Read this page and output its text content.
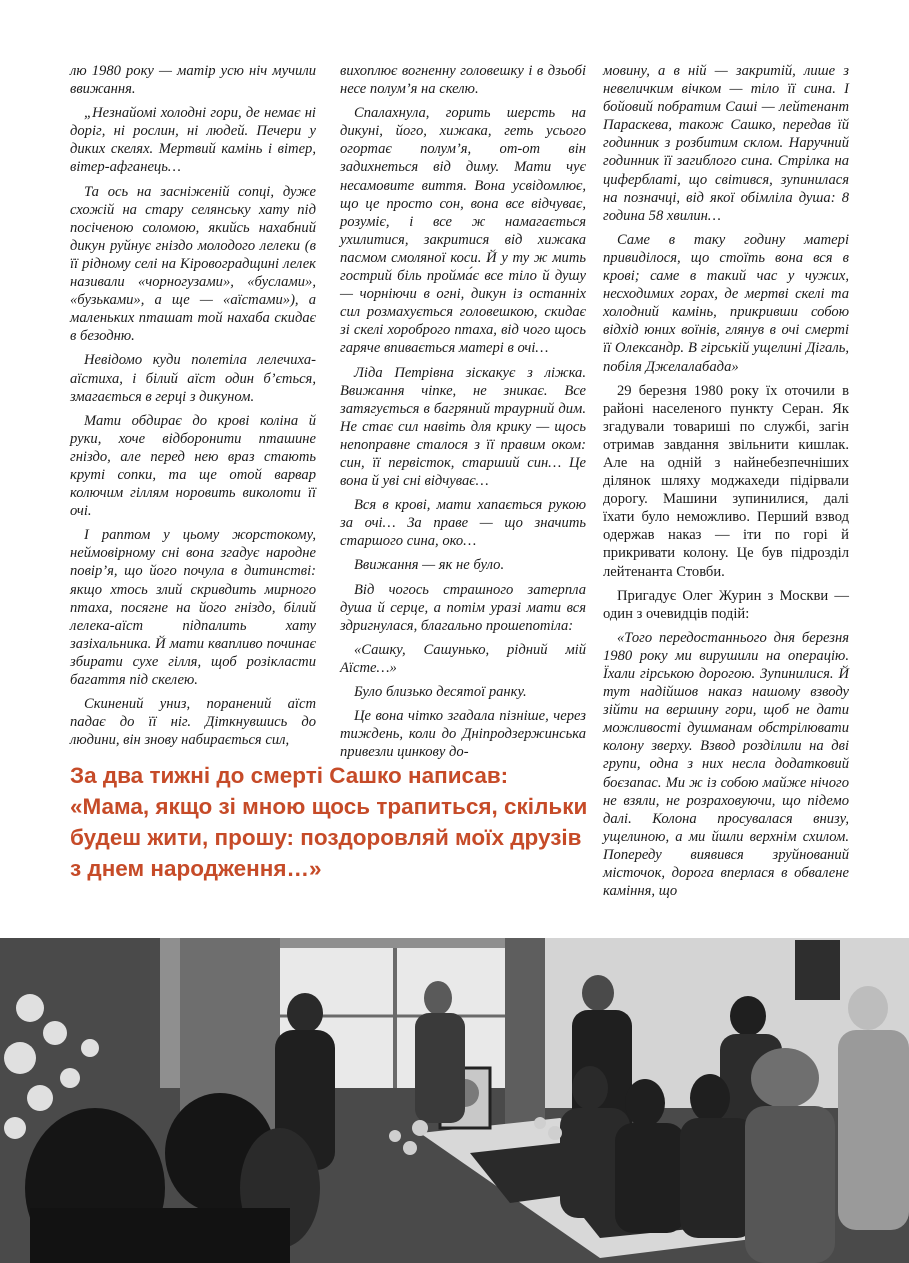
лю 1980 року — матір усю ніч мучили ввижання.

„Незнайомі холодні гори, де немає ні доріг, ні рослин, ні людей. Печери у диких скелях. Мертвий камінь і вітер, вітер-афганець…

Та ось на засніженій сопці, дуже схожій на стару селянську хату під посіченою соломою, якийсь нахабний дикун руйнує гніздо молодого лелеки (в її рідному селі на Кіровоградщині лелек називали «чорногузами», «буслами», «бузьками», а ще — «аїстами»), а маленьких пташат той нахаба скидає в безодню.

Невідомо куди полетіла лелечиха-аїстиха, і білий аїст один б’ється, змагається в герці з дикуном.

Мати обдирає до крові коліна й руки, хоче відборонити пташине гніздо, але перед нею враз стають круті сопки, та ще отой варвар колючим гіллям норовить виколоти її очі.

І раптом у цьому жорстокому, неймовірному сні вона згадує народне повір’я, що його почула в дитинстві: якщо хтось злий скривдить мирного птаха, посягне на його гніздо, білий лелека-аїст підпалить хату зазіхальника. Й мати квапливо починає збирати сухе гілля, щоб розікласти багаття під скелею.

Скинений униз, поранений аїст падає до її ніг. Діткнувшись до людини, він знову набирається сил,

вихоплює вогненну головешку і в дзьобі несе полум’я на скелю.

Спалахнула, горить шерсть на дикуні, його, хижака, геть усього огортає полум’я, от-от він задихнеться від диму. Мати чує несамовите виття. Вона усвідомлює, що це просто сон, вона все відчуває, розуміє, і все ж намагається ухилитися, закритися від хижака пасмом смоляної коси. Й у ту ж мить гострий біль пройма́є все тіло й душу — чорніючи в огні, дикун із останніх сил розмахується головешкою, скидає зі скелі хороброго птаха, від чого щось гаряче впивається матері в очі…

Ліда Петрівна зіскакує з ліжка. Ввижання чіпке, не зникає. Все затягується в багряний траурний дим. Не стає сил навіть для крику — щось непоправне сталося з її правим оком: син, її первісток, старший син… Це вона й уві сні відчуває…

Вся в крові, мати хапається рукою за очі… За праве — що значить старшого сина, око…

Ввижання — як не було.

Від чогось страшного затерпла душа й серце, а потім уразі мати вся здригнулася, благально прошепотіла:

«Сашку, Сашунько, рідний мій Аїсте…»

Було близько десятої ранку.

Це вона чітко згадала пізніше, через тиждень, коли до Дніпродзержинська привезли цинкову до-

мовину, а в ній — закритій, лише з невеличким вічком — тіло її сина. І бойовий побратим Саші — лейтенант Параскева, також Сашко, передав їй годинник з розбитим склом. Наручний годинник її загиблого сина. Стрілка на циферблаті, що світився, зупинилася на позначці, від якої обімліла душа: 8 година 58 хвилин…

Саме в таку годину матері привиділося, що стоїть вона вся в крові; саме в такий час у чужих, несходимих горах, де мертві скелі та холодний камінь, прикривши собою відхід юних воїнів, глянув в очі смерті її Олександр. В гірській ущелині Дігаль, побіля Джелалабада»

29 березня 1980 року їх оточили в районі населеного пункту Серан. Як згадували товариші по службі, загін отримав завдання звільнити кишлак. Але на одній з найнебезпечніших ділянок шляху моджахеди підірвали дорогу. Машини зупинилися, далі їхати було неможливо. Перший взвод одержав наказ — іти по горі й прикривати колону. Це був підрозділ лейтенанта Стовби.

Пригадує Олег Журин з Москви — один з очевидців подій:

«Того передостаннього дня березня 1980 року ми вирушили на операцію. Їхали гірською дорогою. Зупинилися. Й тут надійшов наказ нашому взводу зійти на вершину гори, щоб не дати можливості душманам обстрілювати колону зверху. Взвод розділили на дві групи, одна з них несла додатковий боєзапас. Ми ж із собою майже нічого не взяли, не розраховуючи, що підемо далі. Колона просувалася внизу, ущелиною, а ми йшли верхнім схилом. Попереду виявився зруйнований місточок, дорога вперлася в обвалене каміння, що

За два тижні до смерті Сашко написав: «Мама, якщо зі мною щось трапиться, скільки будеш жити, прошу: поздоровляй моїх друзів з днем народження…»
